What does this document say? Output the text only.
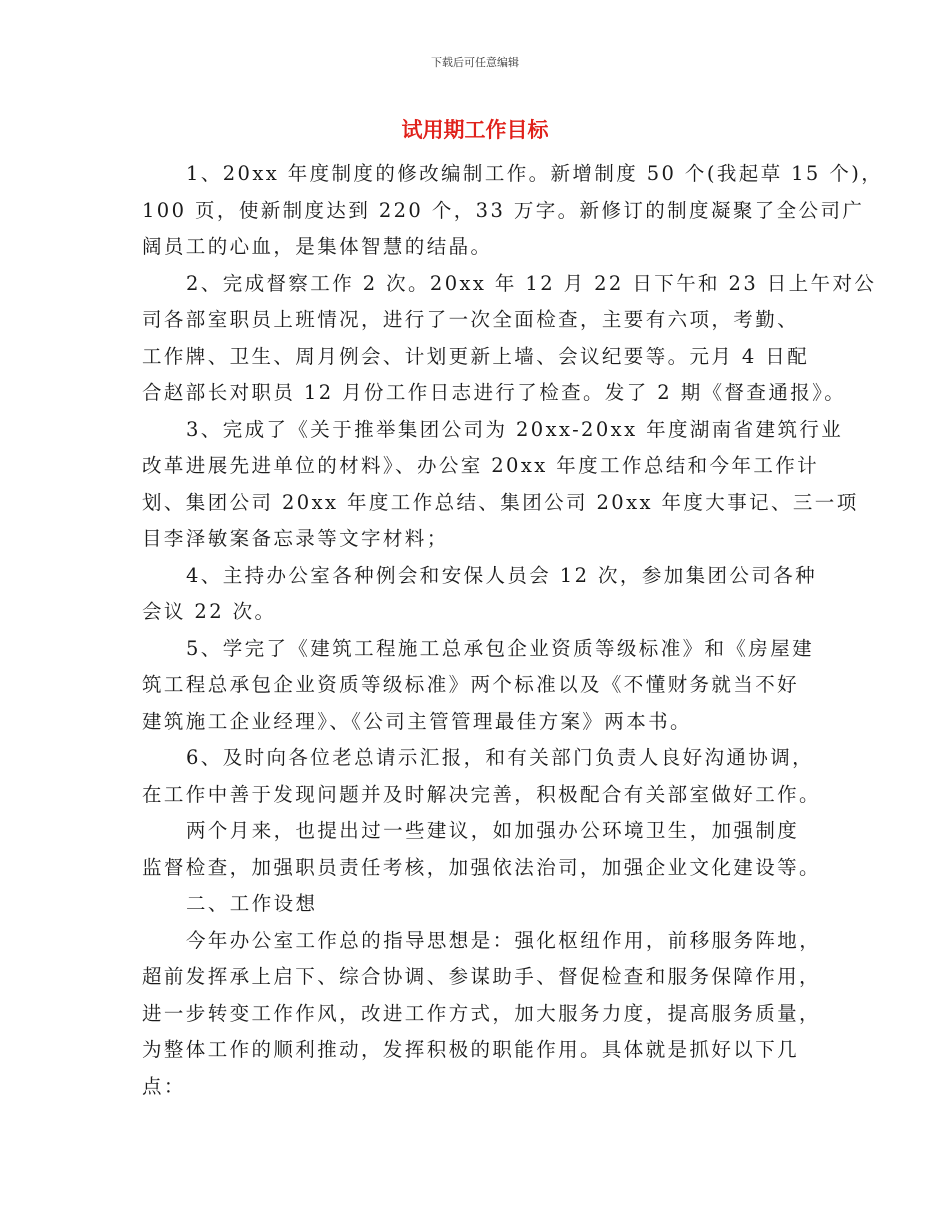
下载后可任意编辑
试用期工作目标
1、20xx 年度制度的修改编制工作。新增制度 50 个(我起草 15 个)，
100 页，使新制度达到 220 个，33 万字。新修订的制度凝聚了全公司广
阔员工的心血，是集体智慧的结晶。
2、完成督察工作 2 次。20xx 年 12 月 22 日下午和 23 日上午对公
司各部室职员上班情况，进行了一次全面检查，主要有六项，考勤、
工作牌、卫生、周月例会、计划更新上墙、会议纪要等。元月 4 日配
合赵部长对职员 12 月份工作日志进行了检查。发了 2 期《督查通报》。
3、完成了《关于推举集团公司为 20xx-20xx 年度湖南省建筑行业
改革进展先进单位的材料》、办公室 20xx 年度工作总结和今年工作计
划、集团公司 20xx 年度工作总结、集团公司 20xx 年度大事记、三一项
目李泽敏案备忘录等文字材料；
4、主持办公室各种例会和安保人员会 12 次，参加集团公司各种
会议 22 次。
5、学完了《建筑工程施工总承包企业资质等级标准》和《房屋建
筑工程总承包企业资质等级标准》两个标准以及《不懂财务就当不好
建筑施工企业经理》、《公司主管管理最佳方案》两本书。
6、及时向各位老总请示汇报，和有关部门负责人良好沟通协调，
在工作中善于发现问题并及时解决完善，积极配合有关部室做好工作。
两个月来，也提出过一些建议，如加强办公环境卫生，加强制度
监督检查，加强职员责任考核，加强依法治司，加强企业文化建设等。
二、工作设想
今年办公室工作总的指导思想是：强化枢纽作用，前移服务阵地，
超前发挥承上启下、综合协调、参谋助手、督促检查和服务保障作用，
进一步转变工作作风，改进工作方式，加大服务力度，提高服务质量，
为整体工作的顺利推动，发挥积极的职能作用。具体就是抓好以下几
点：
